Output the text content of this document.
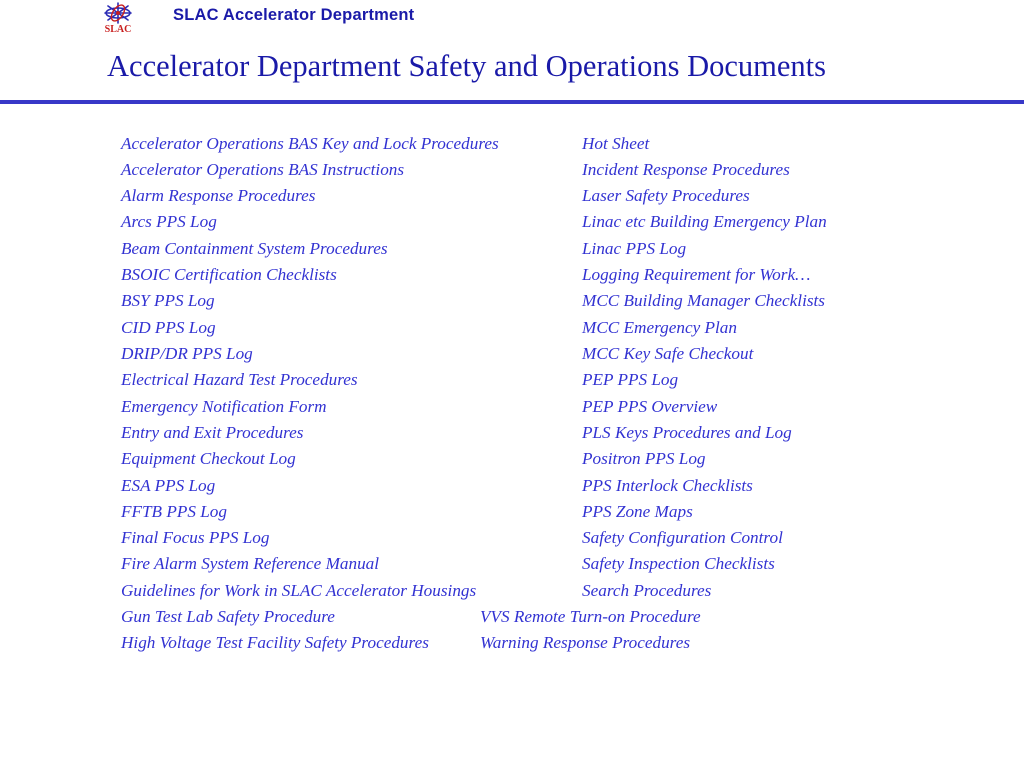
SLAC
SLAC Accelerator Department
Accelerator Department Safety and Operations Documents
Accelerator Operations BAS Key and Lock Procedures
Accelerator Operations BAS Instructions
Alarm Response Procedures
Arcs PPS Log
Beam Containment System Procedures
BSOIC Certification Checklists
BSY PPS Log
CID PPS Log
DRIP/DR PPS Log
Electrical Hazard Test Procedures
Emergency Notification Form
Entry and Exit Procedures
Equipment Checkout Log
ESA PPS Log
FFTB PPS Log
Final Focus PPS Log
Fire Alarm System Reference Manual
Guidelines for Work in SLAC Accelerator Housings
Gun Test Lab Safety Procedure
High Voltage Test Facility Safety Procedures
Hot Sheet
Incident Response Procedures
Laser Safety Procedures
Linac etc Building Emergency Plan
Linac PPS Log
Logging Requirement for Work…
MCC Building Manager Checklists
MCC Emergency Plan
MCC Key Safe Checkout
PEP PPS Log
PEP PPS Overview
PLS Keys Procedures and Log
Positron PPS Log
PPS Interlock Checklists
PPS Zone Maps
Safety Configuration Control
Safety Inspection Checklists
Search Procedures
VVS Remote Turn-on Procedure
Warning Response Procedures
